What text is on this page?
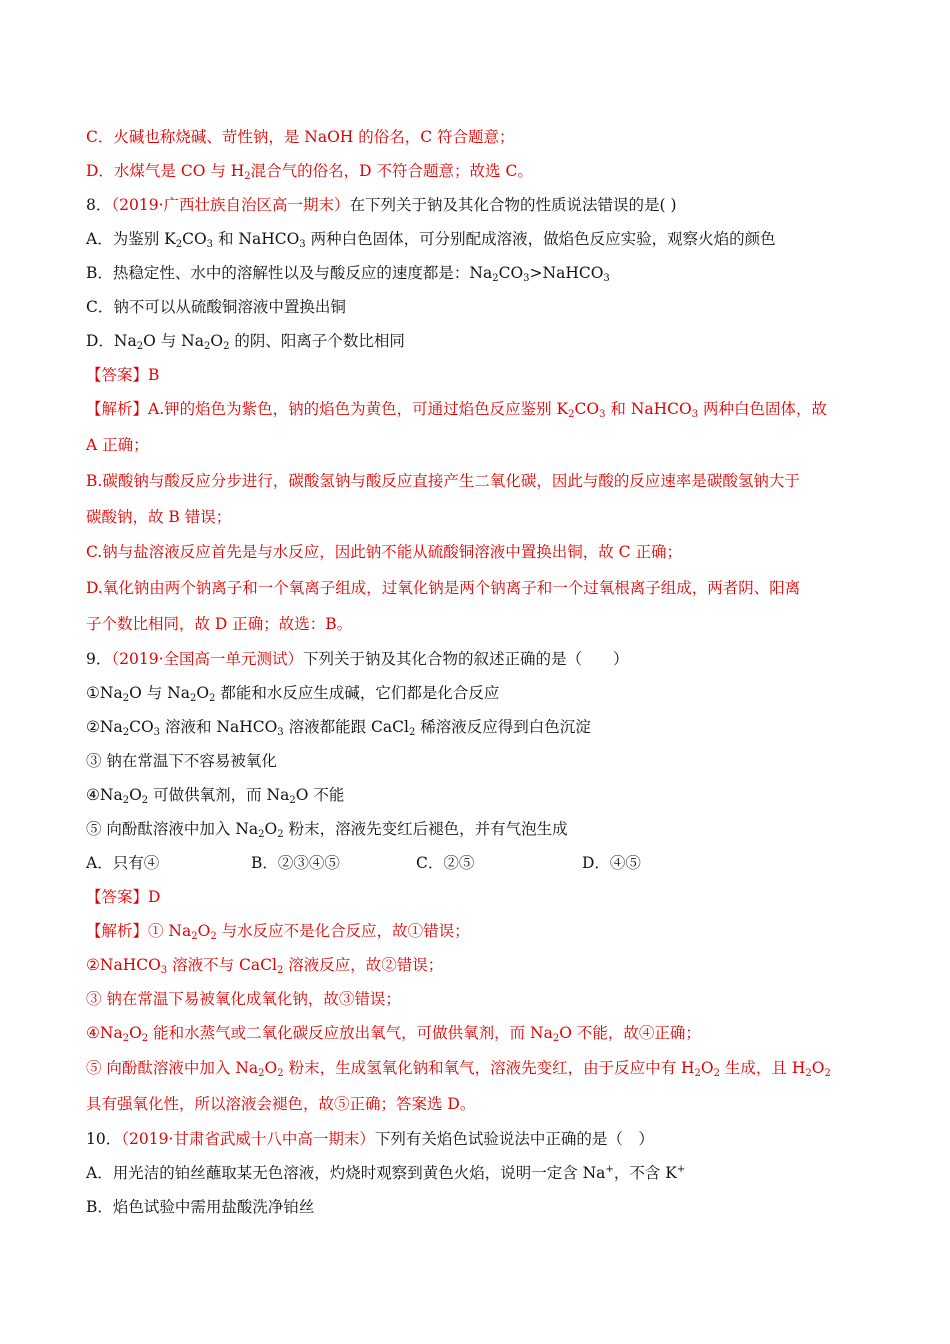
C．火碱也称烧碱、苛性钠，是 NaOH 的俗名，C 符合题意；
D．水煤气是 CO 与 $H_2$混合气的俗名，D 不符合题意；故选 C。
8．（2019·广西壮族自治区高一期末）在下列关于钠及其化合物的性质说法错误的是( )
A．为鉴别 $K_2CO_3$ 和 NaHCO$_3$ 两种白色固体，可分别配成溶液，做焰色反应实验，观察火焰的颜色
B．热稳定性、水中的溶解性以及与酸反应的速度都是：$Na_2CO_3>NaHCO_3$
C．钠不可以从硫酸铜溶液中置换出铜
D．$Na_2O$ 与 $Na_2O_2$ 的阴、阳离子个数比相同
【答案】B
【解析】A.钾的焰色为紫色，钠的焰色为黄色，可通过焰色反应鉴别 $K_2CO_3$ 和 NaHCO$_3$ 两种白色固体，故
A 正确；
B.碳酸钠与酸反应分步进行，碳酸氢钠与酸反应直接产生二氧化碳，因此与酸的反应速率是碳酸氢钠大于
碳酸钠，故 B 错误；
C.钠与盐溶液反应首先是与水反应，因此钠不能从硫酸铜溶液中置换出铜，故 C 正确；
D.氧化钠由两个钠离子和一个氧离子组成，过氧化钠是两个钠离子和一个过氧根离子组成，两者阴、阳离
子个数比相同，故 D 正确；故选：B。
9．（2019·全国高一单元测试）下列关于钠及其化合物的叙述正确的是（　　）
$①Na_2O$ 与 $Na_2O_2$ 都能和水反应生成碱，它们都是化合反应
$②Na_2CO_3$ 溶液和 NaHCO$_3$ 溶液都能跟 CaCl$_2$ 稀溶液反应得到白色沉淀
③ 钠在常温下不容易被氧化
$④Na_2O_2$ 可做供氧剂，而 $Na_2O$ 不能
⑤ 向酚酞溶液中加入 $Na_2O_2$ 粉末，溶液先变红后褪色，并有气泡生成
A．只有④	B．②③④⑤	C．②⑤	D．④⑤
【答案】D
【解析】① $Na_2O_2$ 与水反应不是化合反应，故①错误；
②NaHCO$_3$ 溶液不与 CaCl$_2$ 溶液反应，故②错误；
③ 钠在常温下易被氧化成氧化钠，故③错误；
$④Na_2O_2$ 能和水蒸气或二氧化碳反应放出氧气，可做供氧剂，而 $Na_2O$ 不能，故④正确；
⑤ 向酚酞溶液中加入 $Na_2O_2$ 粉末，生成氢氧化钠和氧气，溶液先变红，由于反应中有 $H_2O_2$ 生成，且 $H_2O_2$
具有强氧化性，所以溶液会褪色，故⑤正确；答案选 D。
10．（2019·甘肃省武威十八中高一期末）下列有关焰色试验说法中正确的是（　）
A．用光洁的铂丝蘸取某无色溶液，灼烧时观察到黄色火焰，说明一定含 Na+，不含 K+
B．焰色试验中需用盐酸洗净铂丝
